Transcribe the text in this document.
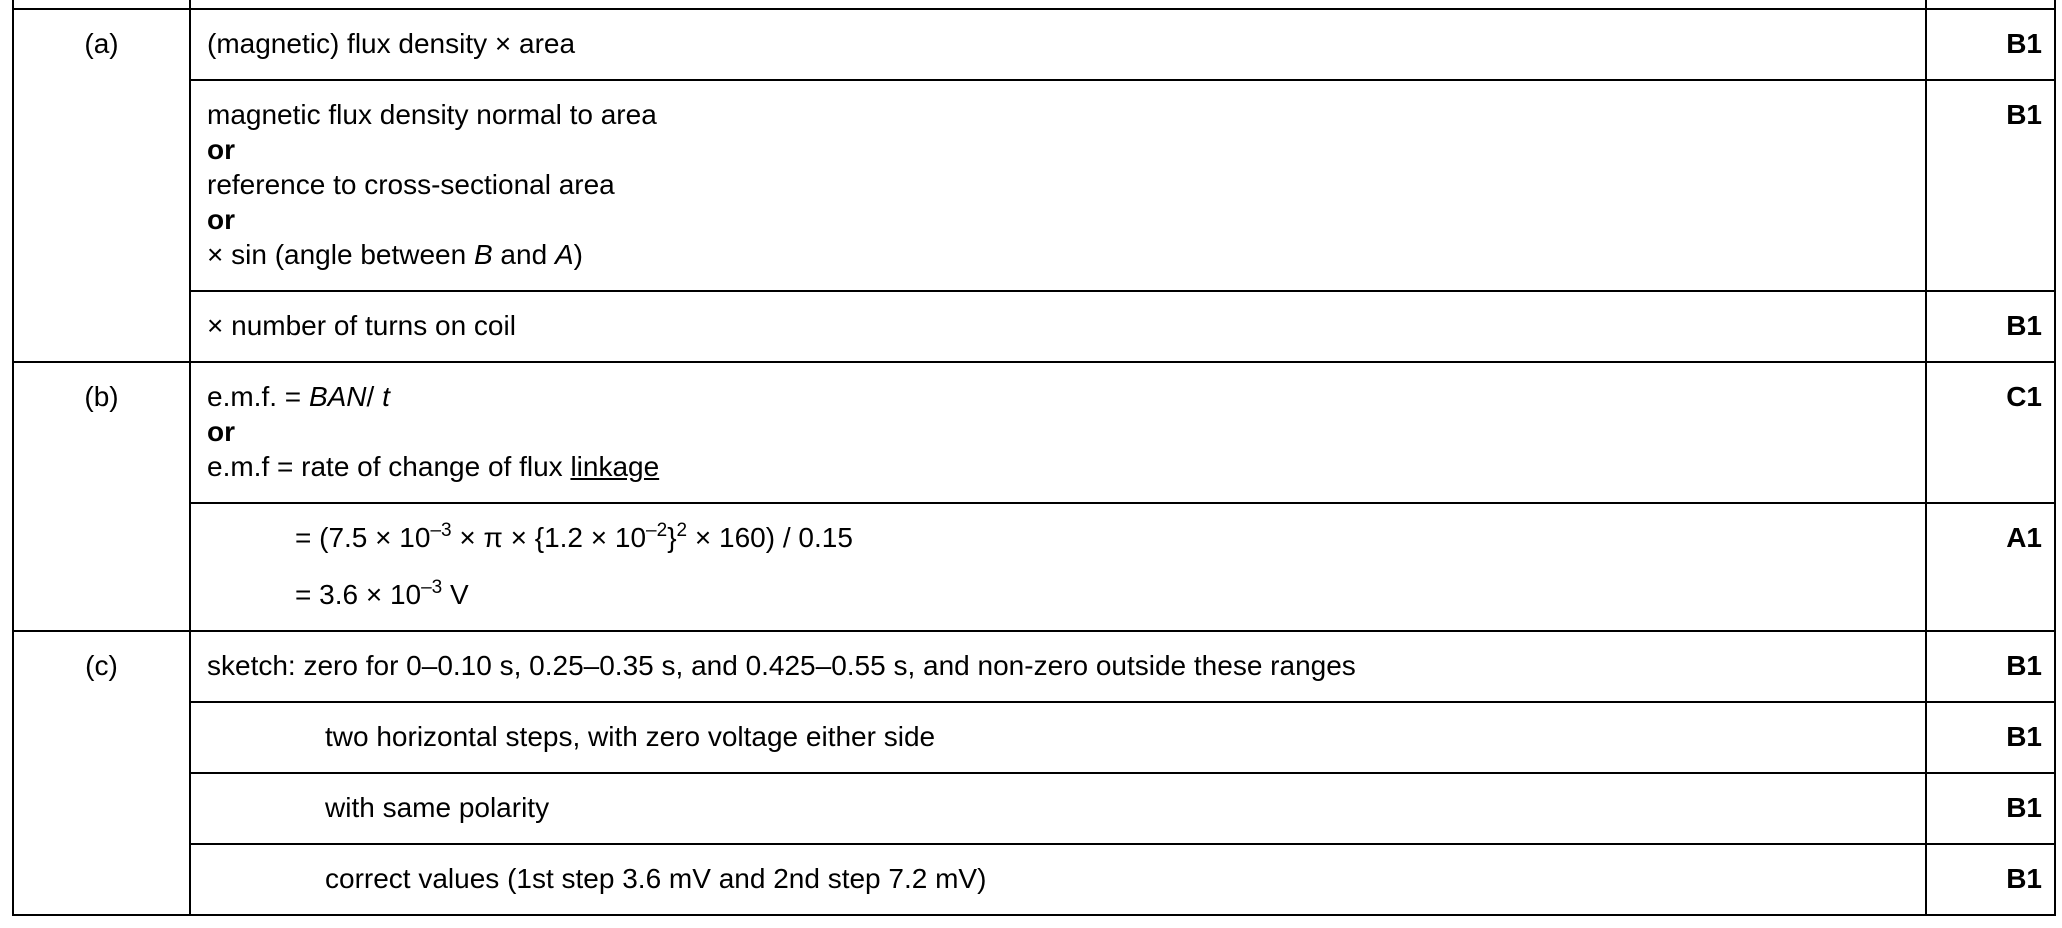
(a)	(magnetic) flux density × area	B1

	magnetic flux density normal to area
or
reference to cross-sectional area
or
× sin (angle between B and A)	B1

	× number of turns on coil	B1
(b)	e.m.f. = BAN/ t
or
e.m.f = rate of change of flux linkage	C1

	= $(7.5 \times 10^{-3} \times \pi \times \{1.2 \times 10^{-2}\}^2 \times 160) / 0.15$
= $3.6 \times 10^{-3}$ V	A1
(c)	sketch: zero for 0–0.10 s, 0.25–0.35 s, and 0.425–0.55 s, and non-zero outside these ranges	B1

	two horizontal steps, with zero voltage either side	B1

	with same polarity	B1

	correct values (1st step 3.6 mV and 2nd step 7.2 mV)	B1
